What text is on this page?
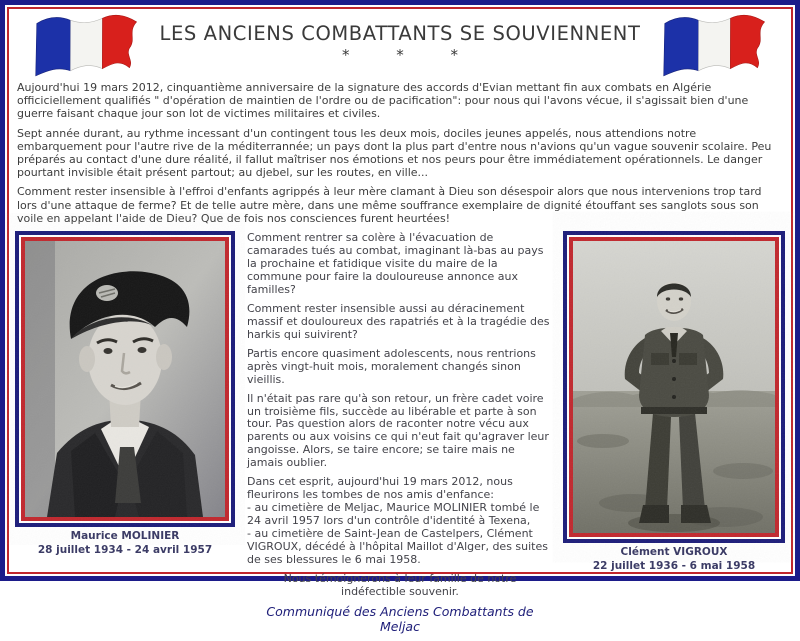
LES ANCIENS COMBATTANTS SE SOUVIENNENT
* * *

Aujourd'hui 19 mars 2012, cinquantième anniversaire de la signature des accords d'Evian mettant fin aux combats en Algérie officiciellement qualifiés " d'opération de maintien de l'ordre ou de pacification": pour nous qui l'avons vécue, il s'agissait bien d'une guerre faisant chaque jour son lot de victimes militaires et civiles.

Sept année durant, au rythme incessant d'un contingent tous les deux mois, dociles jeunes appelés, nous attendions notre embarquement pour l'autre rive de la méditerrannée; un pays dont la plus part d'entre nous n'avions qu'un vague souvenir scolaire. Peu préparés au contact d'une dure réalité, il fallut maîtriser nos émotions et nos peurs pour être immédiatement opérationnels. Le danger pourtant invisible était présent partout; au djebel, sur les routes, en ville...

Comment rester insensible à l'effroi d'enfants agrippés à leur mère clamant à Dieu son désespoir alors que nous intervenions trop tard lors d'une attaque de ferme? Et de telle autre mère, dans une même souffrance exemplaire de dignité étouffant ses sanglots sous son voile en appelant l'aide de Dieu? Que de fois nos consciences furent heurtées!

Maurice MOLINIER
28 juillet 1934 - 24 avril 1957

Comment rentrer sa colère à l'évacuation de camarades tués au combat, imaginant là-bas au pays la prochaine et fatidique visite du maire de la commune pour faire la douloureuse annonce aux familles?

Comment rester insensible aussi au déracinement massif et douloureux des rapatriés et à la tragédie des harkis qui suivirent?

Partis encore quasiment adolescents, nous rentrions après vingt-huit mois, moralement changés sinon vieillis.

Il n'était pas rare qu'à son retour, un frère cadet voire un troisième fils, succède au libérable et parte à son tour. Pas question alors de raconter notre vécu aux parents ou aux voisins ce qui n'eut fait qu'agraver leur angoisse. Alors, se taire encore; se taire mais ne jamais oublier.

Dans cet esprit, aujourd'hui 19 mars 2012, nous fleurirons les tombes de nos amis d'enfance:
- au cimetière de Meljac, Maurice MOLINIER tombé le 24 avril 1957 lors d'un contrôle d'identité à Texena,
- au cimetière de Saint-Jean de Castelpers, Clément VIGROUX, décédé à l'hôpital Maillot d'Alger, des suites de ses blessures le 6 mai 1958.

Nous témoignerons à leur famille de notre indéfectible souvenir.

Communiqué des Anciens Combattants de Meljac

Clément VIGROUX
22 juillet 1936 - 6 mai 1958
